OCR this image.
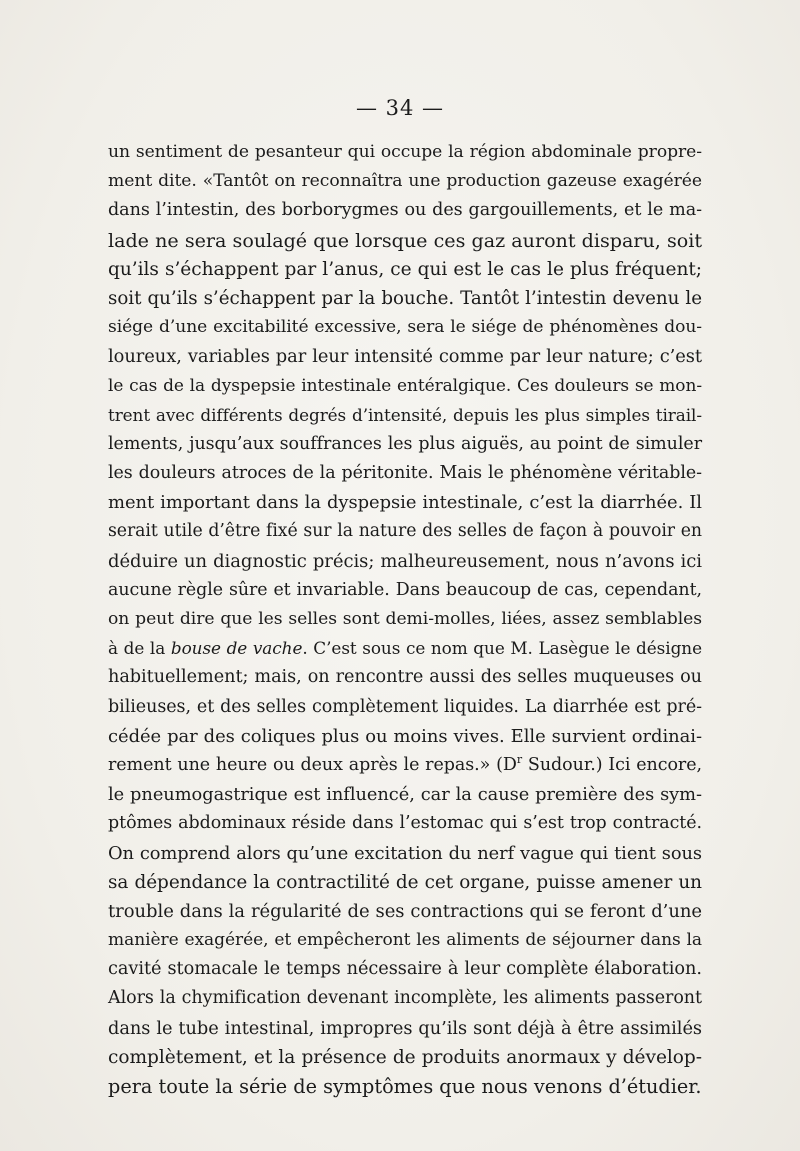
— 34 —
un sentiment de pesanteur qui occupe la région abdominale propre-
ment dite. «Tantôt on reconnaîtra une production gazeuse exagérée
dans l’intestin, des borborygmes ou des gargouillements, et le ma-
lade ne sera soulagé que lorsque ces gaz auront disparu, soit
qu’ils s’échappent par l’anus, ce qui est le cas le plus fréquent;
soit qu’ils s’échappent par la bouche. Tantôt l’intestin devenu le
siége d’une excitabilité excessive, sera le siége de phénomènes dou-
loureux, variables par leur intensité comme par leur nature; c’est
le cas de la dyspepsie intestinale entéralgique. Ces douleurs se mon-
trent avec différents degrés d’intensité, depuis les plus simples tirail-
lements, jusqu’aux souffrances les plus aiguës, au point de simuler
les douleurs atroces de la péritonite. Mais le phénomène véritable-
ment important dans la dyspepsie intestinale, c’est la diarrhée. Il
serait utile d’être fixé sur la nature des selles de façon à pouvoir en
déduire un diagnostic précis; malheureusement, nous n’avons ici
aucune règle sûre et invariable. Dans beaucoup de cas, cependant,
on peut dire que les selles sont demi-molles, liées, assez semblables
à de la bouse de vache. C’est sous ce nom que M. Lasègue le désigne
habituellement; mais, on rencontre aussi des selles muqueuses ou
bilieuses, et des selles complètement liquides. La diarrhée est pré-
cédée par des coliques plus ou moins vives. Elle survient ordinai-
rement une heure ou deux après le repas.» ($D^r$ Sudour.) Ici encore,
le pneumogastrique est influencé, car la cause première des sym-
ptômes abdominaux réside dans l’estomac qui s’est trop contracté.
On comprend alors qu’une excitation du nerf vague qui tient sous
sa dépendance la contractilité de cet organe, puisse amener un
trouble dans la régularité de ses contractions qui se feront d’une
manière exagérée, et empêcheront les aliments de séjourner dans la
cavité stomacale le temps nécessaire à leur complète élaboration.
Alors la chymification devenant incomplète, les aliments passeront
dans le tube intestinal, impropres qu’ils sont déjà à être assimilés
complètement, et la présence de produits anormaux y dévelop-
pera toute la série de symptômes que nous venons d’étudier.
